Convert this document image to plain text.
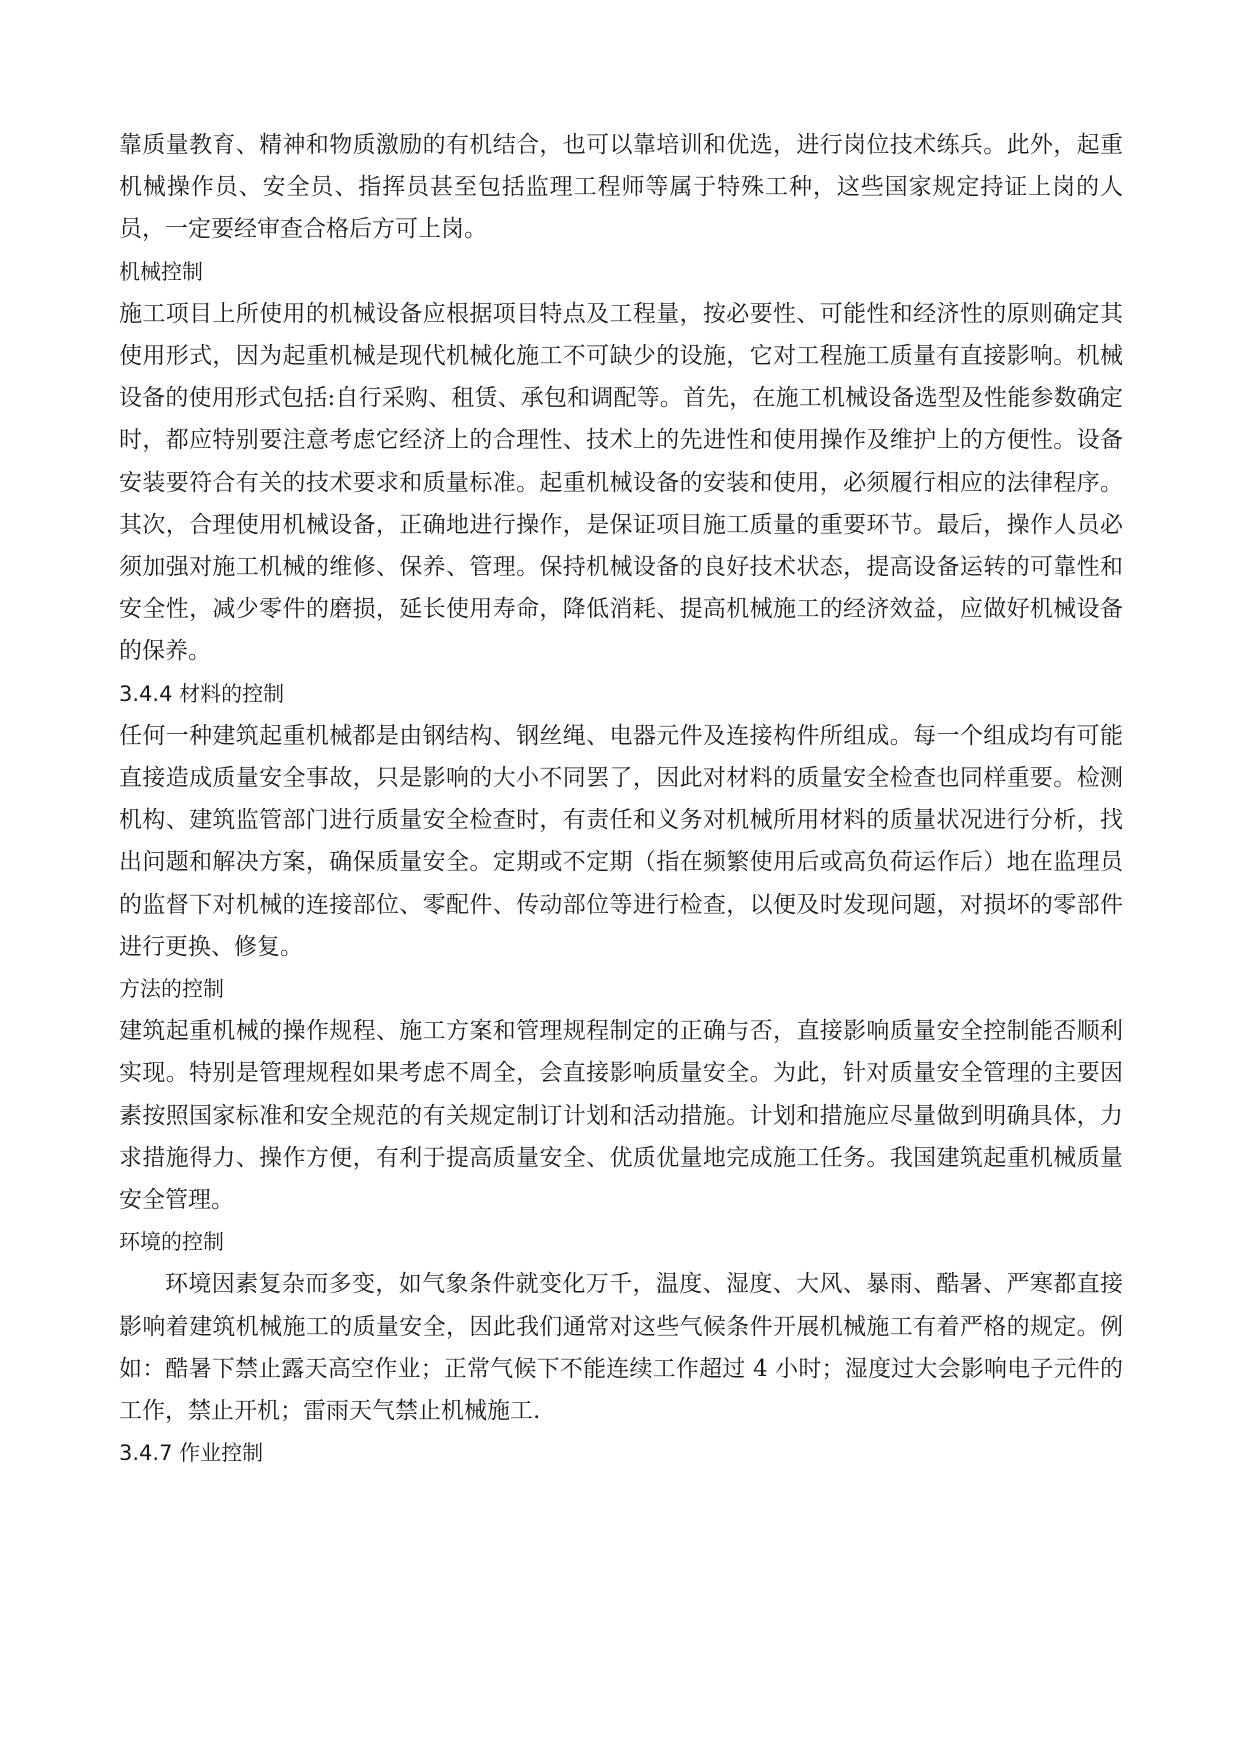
靠质量教育、精神和物质激励的有机结合，也可以靠培训和优选，进行岗位技术练兵。此外，起重机械操作员、安全员、指挥员甚至包括监理工程师等属于特殊工种，这些国家规定持证上岗的人员，一定要经审查合格后方可上岗。

机械控制

施工项目上所使用的机械设备应根据项目特点及工程量，按必要性、可能性和经济性的原则确定其使用形式，因为起重机械是现代机械化施工不可缺少的设施，它对工程施工质量有直接影响。机械设备的使用形式包括:自行采购、租赁、承包和调配等。首先，在施工机械设备选型及性能参数确定时，都应特别要注意考虑它经济上的合理性、技术上的先进性和使用操作及维护上的方便性。设备安装要符合有关的技术要求和质量标准。起重机械设备的安装和使用，必须履行相应的法律程序。其次，合理使用机械设备，正确地进行操作，是保证项目施工质量的重要环节。最后，操作人员必须加强对施工机械的维修、保养、管理。保持机械设备的良好技术状态，提高设备运转的可靠性和安全性，减少零件的磨损，延长使用寿命，降低消耗、提高机械施工的经济效益，应做好机械设备的保养。

3.4.4 材料的控制

任何一种建筑起重机械都是由钢结构、钢丝绳、电器元件及连接构件所组成。每一个组成均有可能直接造成质量安全事故，只是影响的大小不同罢了，因此对材料的质量安全检查也同样重要。检测机构、建筑监管部门进行质量安全检查时，有责任和义务对机械所用材料的质量状况进行分析，找出问题和解决方案，确保质量安全。定期或不定期（指在频繁使用后或高负荷运作后）地在监理员的监督下对机械的连接部位、零配件、传动部位等进行检查，以便及时发现问题，对损坏的零部件进行更换、修复。

方法的控制

建筑起重机械的操作规程、施工方案和管理规程制定的正确与否，直接影响质量安全控制能否顺利实现。特别是管理规程如果考虑不周全，会直接影响质量安全。为此，针对质量安全管理的主要因素按照国家标准和安全规范的有关规定制订计划和活动措施。计划和措施应尽量做到明确具体，力求措施得力、操作方便，有利于提高质量安全、优质优量地完成施工任务。我国建筑起重机械质量安全管理。

环境的控制

环境因素复杂而多变，如气象条件就变化万千，温度、湿度、大风、暴雨、酷暑、严寒都直接影响着建筑机械施工的质量安全，因此我们通常对这些气候条件开展机械施工有着严格的规定。例如：酷暑下禁止露天高空作业；正常气候下不能连续工作超过 4 小时；湿度过大会影响电子元件的工作，禁止开机；雷雨天气禁止机械施工.

3.4.7 作业控制
